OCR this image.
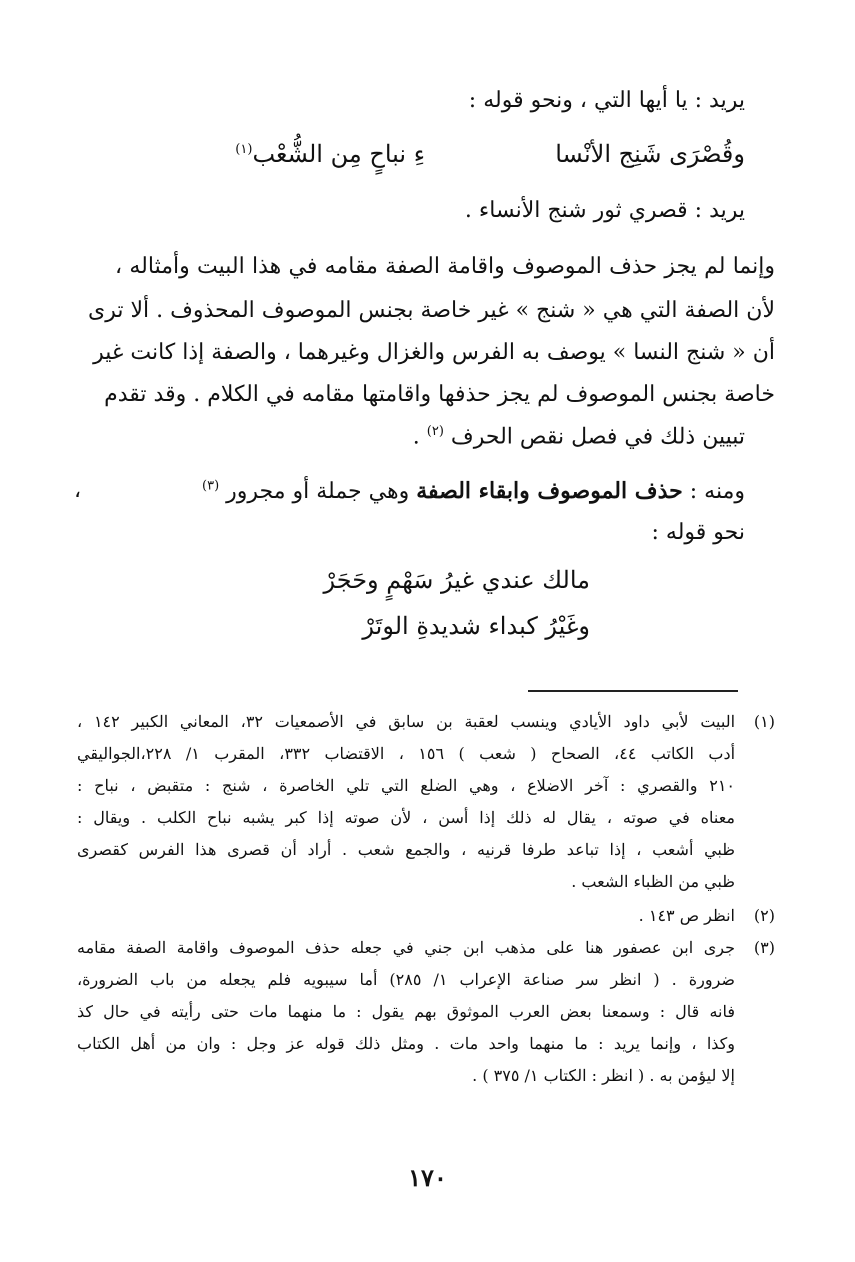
يريد : يا أيها التي ، ونحو قوله :
وقُصْرَى شَنِج الأنْسا
ءِ نباحٍ مِن الشُّعْب$^{(١)}$
يريد : قصري ثور شنج الأنساء .
وإنما لم يجز حذف الموصوف واقامة الصفة مقامه في هذا البيت وأمثاله ،
لأن الصفة التي هي « شنج » غير خاصة بجنس الموصوف المحذوف . ألا ترى
أن « شنج النسا » يوصف به الفرس والغزال وغيرهما ، والصفة إذا كانت غير
خاصة بجنس الموصوف لم يجز حذفها واقامتها مقامه في الكلام . وقد تقدم
تبيين ذلك في فصل نقص الحرف $^{(٢)}$ .
ومنه : حذف الموصوف وابقاء الصفة وهي جملة أو مجرور $^{(٣)}$
،
نحو قوله :
مالك عندي غيرُ سَهْمٍ وحَجَرْ
وغَيْرُ كبداء شديدةِ الوتَرْ
(١)
البيت لأبي داود الأيادي وينسب لعقبة بن سابق في الأصمعيات ٣٢، المعاني الكبير ١٤٢ ،
أدب الكاتب ٤٤، الصحاح ( شعب ) ١٥٦ ، الاقتضاب ٣٣٢، المقرب ١/ ٢٢٨،الجواليقي
٢١٠ والقصري : آخر الاضلاع ، وهي الضلع التي تلي الخاصرة ، شنج : متقبض ، نباح :
معناه في صوته ، يقال له ذلك إذا أسن ، لأن صوته إذا كبر يشبه نباح الكلب . ويقال :
ظبي أشعب ، إذا تباعد طرفا قرنيه ، والجمع شعب . أراد أن قصرى هذا الفرس كقصرى
ظبي من الظباء الشعب .
(٢)
انظر ص ١٤٣ .
(٣)
جرى ابن عصفور هنا على مذهب ابن جني في جعله حذف الموصوف واقامة الصفة مقامه
ضرورة . ( انظر سر صناعة الإعراب ١/ ٢٨٥) أما سيبويه فلم يجعله من باب الضرورة،
فانه قال : وسمعنا بعض العرب الموثوق بهم يقول : ما منهما مات حتى رأيته في حال كذ
وكذا ، وإنما يريد : ما منهما واحد مات . ومثل ذلك قوله عز وجل : وان من أهل الكتاب
إلا ليؤمن به . ( انظر : الكتاب ١/ ٣٧٥ ) .
١٧٠
